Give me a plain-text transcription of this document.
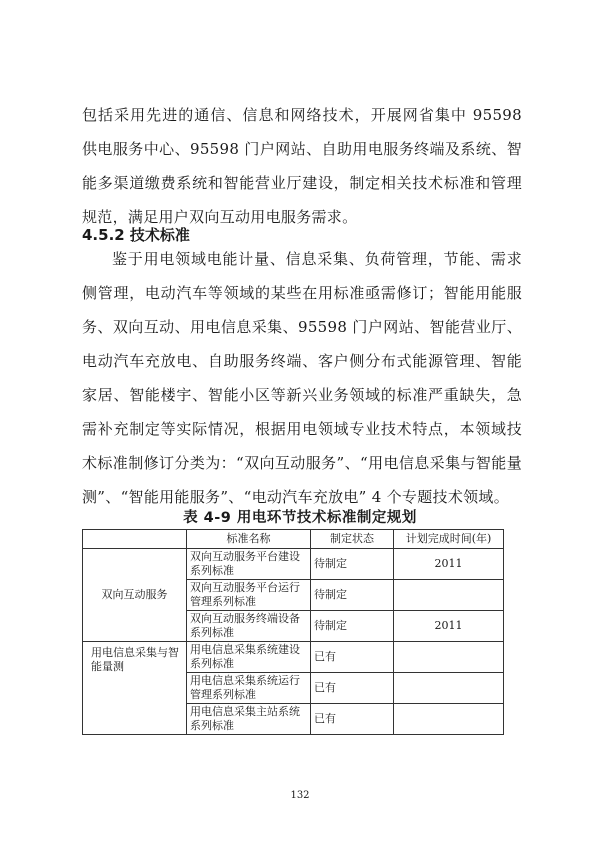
包括采用先进的通信、信息和网络技术，开展网省集中 95598 供电服务中心、95598 门户网站、自助用电服务终端及系统、智能多渠道缴费系统和智能营业厅建设，制定相关技术标准和管理规范，满足用户双向互动用电服务需求。

4.5.2 技术标准

鉴于用电领域电能计量、信息采集、负荷管理，节能、需求侧管理，电动汽车等领域的某些在用标准亟需修订；智能用能服务、双向互动、用电信息采集、95598 门户网站、智能营业厅、电动汽车充放电、自助服务终端、客户侧分布式能源管理、智能家居、智能楼宇、智能小区等新兴业务领域的标准严重缺失，急需补充制定等实际情况，根据用电领域专业技术特点，本领域技术标准制修订分类为：“双向互动服务”、“用电信息采集与智能量测”、“智能用能服务”、“电动汽车充放电” 4 个专题技术领域。

表 4-9 用电环节技术标准制定规划
	标准名称	制定状态	计划完成时间(年)
双向互动服务	双向互动服务平台建设系列标准	待制定	2011
	双向互动服务平台运行管理系列标准	待制定	
	双向互动服务终端设备系列标准	待制定	2011
用电信息采集与智能量测	用电信息采集系统建设系列标准	已有	
	用电信息采集系统运行管理系列标准	已有	
	用电信息采集主站系统系列标准	已有	
132
